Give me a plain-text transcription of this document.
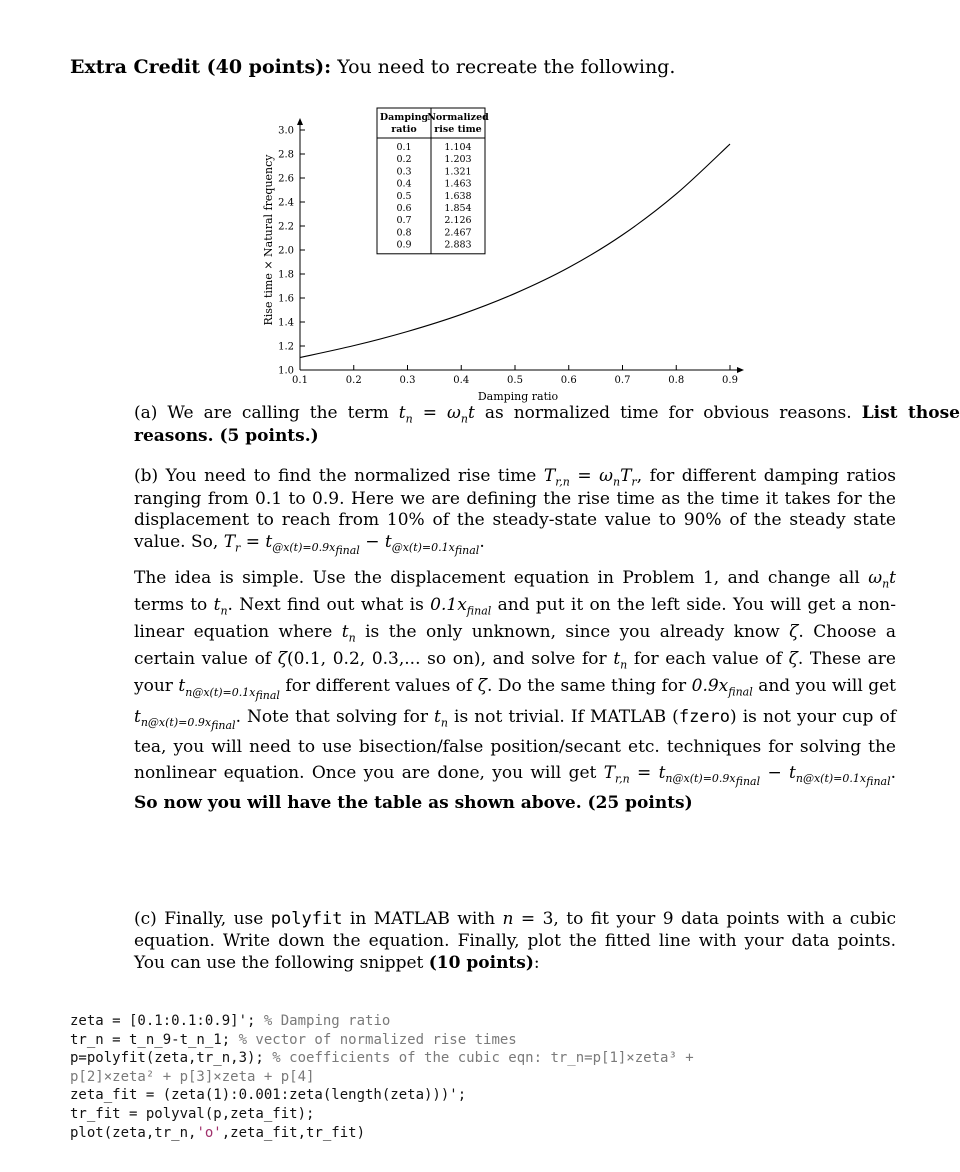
Extra Credit (40 points): You need to recreate the following.
1.0
1.2
1.4
1.6
1.8
2.0
2.2
2.4
2.6
2.8
3.0
0.1	0.2	0.3	0.4	0.5	0.6	0.7	0.8	0.9
Rise time × Natural frequency
Damping ratio
Damping
ratio
Normalized
rise time
0.1	1.104
0.2	1.203
0.3	1.321
0.4	1.463
0.5	1.638
0.6	1.854
0.7	2.126
0.8	2.467
0.9	2.883
(a) We are calling the term $t_n = \omega_nt$ as normalized time for obvious reasons. List those reasons. (5 points.)
(b) You need to find the normalized rise time $T_{r,n} = \omega_nT_r$, for different damping ratios ranging from 0.1 to 0.9. Here we are defining the rise time as the time it takes for the displacement to reach from 10% of the steady-state value to 90% of the steady state value. So, $T_r = t_{@x(t)=0.9x_{final}} - t_{@x(t)=0.1x_{final}}$.
The idea is simple. Use the displacement equation in Problem 1, and change all $\omega_nt$ terms to $t_n$. Next find out what is $0.1x_{final}$ and put it on the left side. You will get a non-linear equation where $t_n$ is the only unknown, since you already know ζ. Choose a certain value of ζ(0.1, 0.2, 0.3,... so on), and solve for $t_n$ for each value of ζ. These are your $t_{n@x(t)=0.1x_{final}}$ for different values of ζ. Do the same thing for $0.9x_{final}$ and you will get $t_{n@x(t)=0.9x_{final}}$. Note that solving for $t_n$ is not trivial. If MATLAB (fzero) is not your cup of tea, you will need to use bisection/false position/secant etc. techniques for solving the nonlinear equation. Once you are done, you will get $T_{r,n} = t_{n@x(t)=0.9x_{final}} - t_{n@x(t)=0.1x_{final}}$. So now you will have the table as shown above. (25 points)
(c) Finally, use polyfit in MATLAB with n = 3, to fit your 9 data points with a cubic equation. Write down the equation. Finally, plot the fitted line with your data points. You can use the following snippet (10 points):
zeta = [0.1:0.1:0.9]'; % Damping ratio
tr_n = t_n_9-t_n_1; % vector of normalized rise times
p=polyfit(zeta,tr_n,3); % coefficients of the cubic eqn: tr_n=p[1]×zeta³ +
p[2]×zeta² + p[3]×zeta + p[4]
zeta_fit = (zeta(1):0.001:zeta(length(zeta)))';
tr_fit = polyval(p,zeta_fit);
plot(zeta,tr_n,'o',zeta_fit,tr_fit)
